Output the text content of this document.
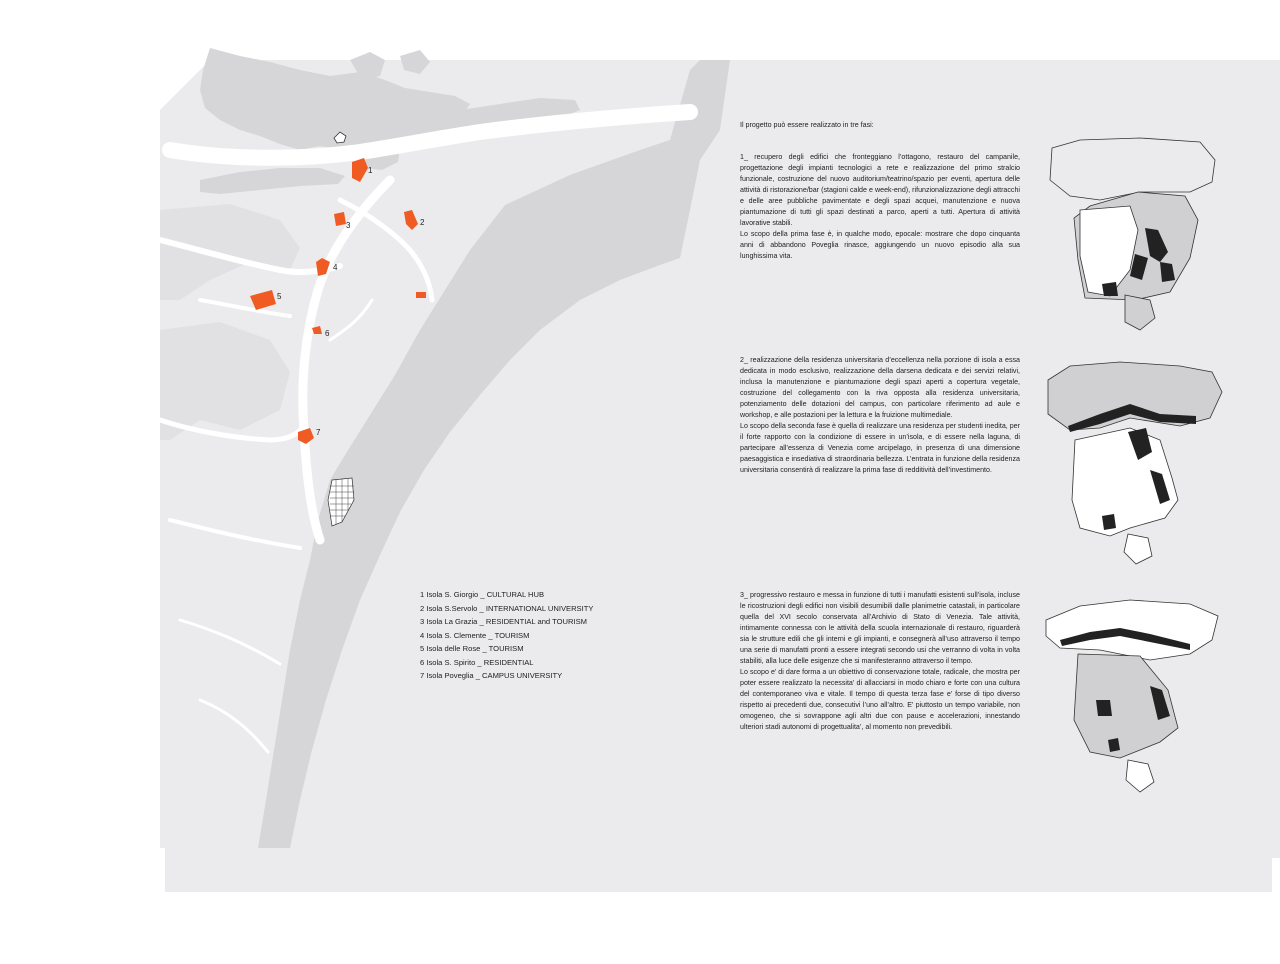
1
2
3
4
5
6
7

Il progetto può essere realizzato in tre fasi:

1_ recupero degli edifici che fronteggiano l’ottagono, restauro del campanile, progettazione degli impianti tecnologici a rete e realizzazione del primo stralcio funzionale, costruzione del nuovo auditorium/teatrino/spazio per eventi, apertura delle attività di ristorazione/bar (stagioni calde e week-end), rifunzionalizzazione degli attracchi e delle aree pubbliche pavimentate e degli spazi acquei, manutenzione e nuova piantumazione di tutti gli spazi destinati a parco, aperti a tutti. Apertura di attività lavorative stabili.

Lo scopo della prima fase è, in qualche modo, epocale: mostrare che dopo cinquanta anni di abbandono Poveglia rinasce, aggiungendo un nuovo episodio alla sua lunghissima vita.

2_ realizzazione della residenza universitaria d’eccellenza nella porzione di isola a essa dedicata in modo esclusivo, realizzazione della darsena dedicata e dei servizi relativi, inclusa la manutenzione e piantumazione degli spazi aperti a copertura vegetale, costruzione del collegamento con la riva opposta alla residenza universitaria, potenziamento delle dotazioni del campus, con particolare riferimento ad aule e workshop, e alle postazioni per la lettura e la fruizione multimediale.

Lo scopo della seconda fase è quella di realizzare una residenza per studenti inedita, per il forte rapporto con la condizione di essere in un’isola, e di essere nella laguna, di partecipare all’essenza di Venezia come arcipelago, in presenza di una dimensione paesaggistica e insediativa di straordinaria bellezza. L’entrata in funzione della residenza universitaria consentirà di realizzare la prima fase di redditività dell’investimento.

3_ progressivo restauro e messa in funzione di tutti i manufatti esistenti sull’isola, incluse le ricostruzioni degli edifici non visibili desumibili dalle planimetrie catastali, in particolare quella del XVI secolo conservata all’Archivio di Stato di Venezia. Tale attività, intimamente connessa con le attività della scuola internazionale di restauro, riguarderà sia le strutture edili che gli interni e gli impianti, e consegnerà all’uso attraverso il tempo una serie di manufatti pronti a essere integrati secondo usi che verranno di volta in volta stabiliti, alla luce delle esigenze che si manifesteranno attraverso il tempo.

Lo scopo e’ di dare forma a un obiettivo di conservazione totale, radicale, che mostra per poter essere realizzato la necessita’ di allacciarsi in modo chiaro e forte con una cultura del contemporaneo viva e vitale. Il tempo di questa terza fase e’ forse di tipo diverso rispetto ai precedenti due, consecutivi l’uno all’altro. E’ piuttosto un tempo variabile, non omogeneo, che si sovrappone agli altri due con pause e accelerazioni, innestando ulteriori stadi autonomi di progettualita’, al momento non prevedibili.

1 Isola S. Giorgio _ CULTURAL HUB
2 Isola S.Servolo _ INTERNATIONAL UNIVERSITY
3 Isola La Grazia _ RESIDENTIAL and TOURISM
4 Isola S. Clemente _ TOURISM
5 Isola delle Rose _ TOURISM
6 Isola S. Spirito _ RESIDENTIAL
7 Isola Poveglia _ CAMPUS UNIVERSITY
